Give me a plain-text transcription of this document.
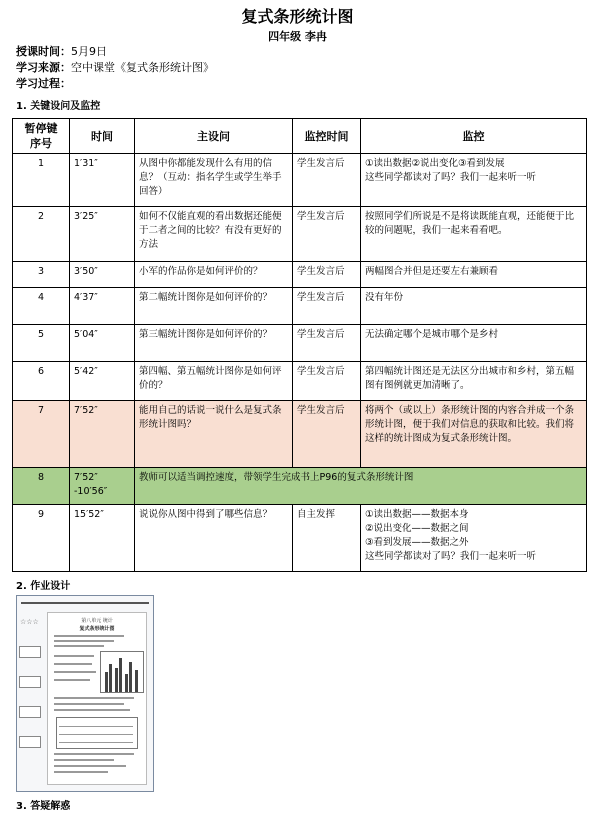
复式条形统计图
四年级 李冉
授课时间：5月9日
学习来源：空中课堂《复式条形统计图》
学习过程：
1. 关键设问及监控
暂停键
序号	时间	主设问	监控时间	监控
1	1′31″	从图中你都能发现什么有用的信息？（互动：指名学生或学生举手回答）	学生发言后	①读出数据②说出变化③看到发展
这些同学都读对了吗？我们一起来听一听
2	3′25″	如何不仅能直观的看出数据还能便于二者之间的比较？有没有更好的方法	学生发言后	按照同学们所说是不是将读既能直观，还能便于比较的问题呢，我们一起来看看吧。
3	3′50″	小军的作品你是如何评价的？	学生发言后	两幅图合并但是还要左右兼顾看
4	4′37″	第二幅统计图你是如何评价的？	学生发言后	没有年份
5	5′04″	第三幅统计图你是如何评价的？	学生发言后	无法确定哪个是城市哪个是乡村
6	5′42″	第四幅、第五幅统计图你是如何评价的？	学生发言后	第四幅统计图还是无法区分出城市和乡村，第五幅图有图例就更加清晰了。
7	7′52″	能用自己的话说一说什么是复式条形统计图吗？	学生发言后	将两个（或以上）条形统计图的内容合并成一个条形统计图，便于我们对信息的获取和比较。我们将这样的统计图成为复式条形统计图。
8	7′52″
-10′56″	教师可以适当调控速度，带领学生完成书上P96的复式条形统计图		
9	15′52″	说说你从图中得到了哪些信息？	自主发挥	①读出数据——数据本身
②说出变化——数据之间
③看到发展——数据之外
这些同学都读对了吗？我们一起来听一听
2. 作业设计
☆☆☆	第八单元 统计
复式条形统计图
3. 答疑解惑
